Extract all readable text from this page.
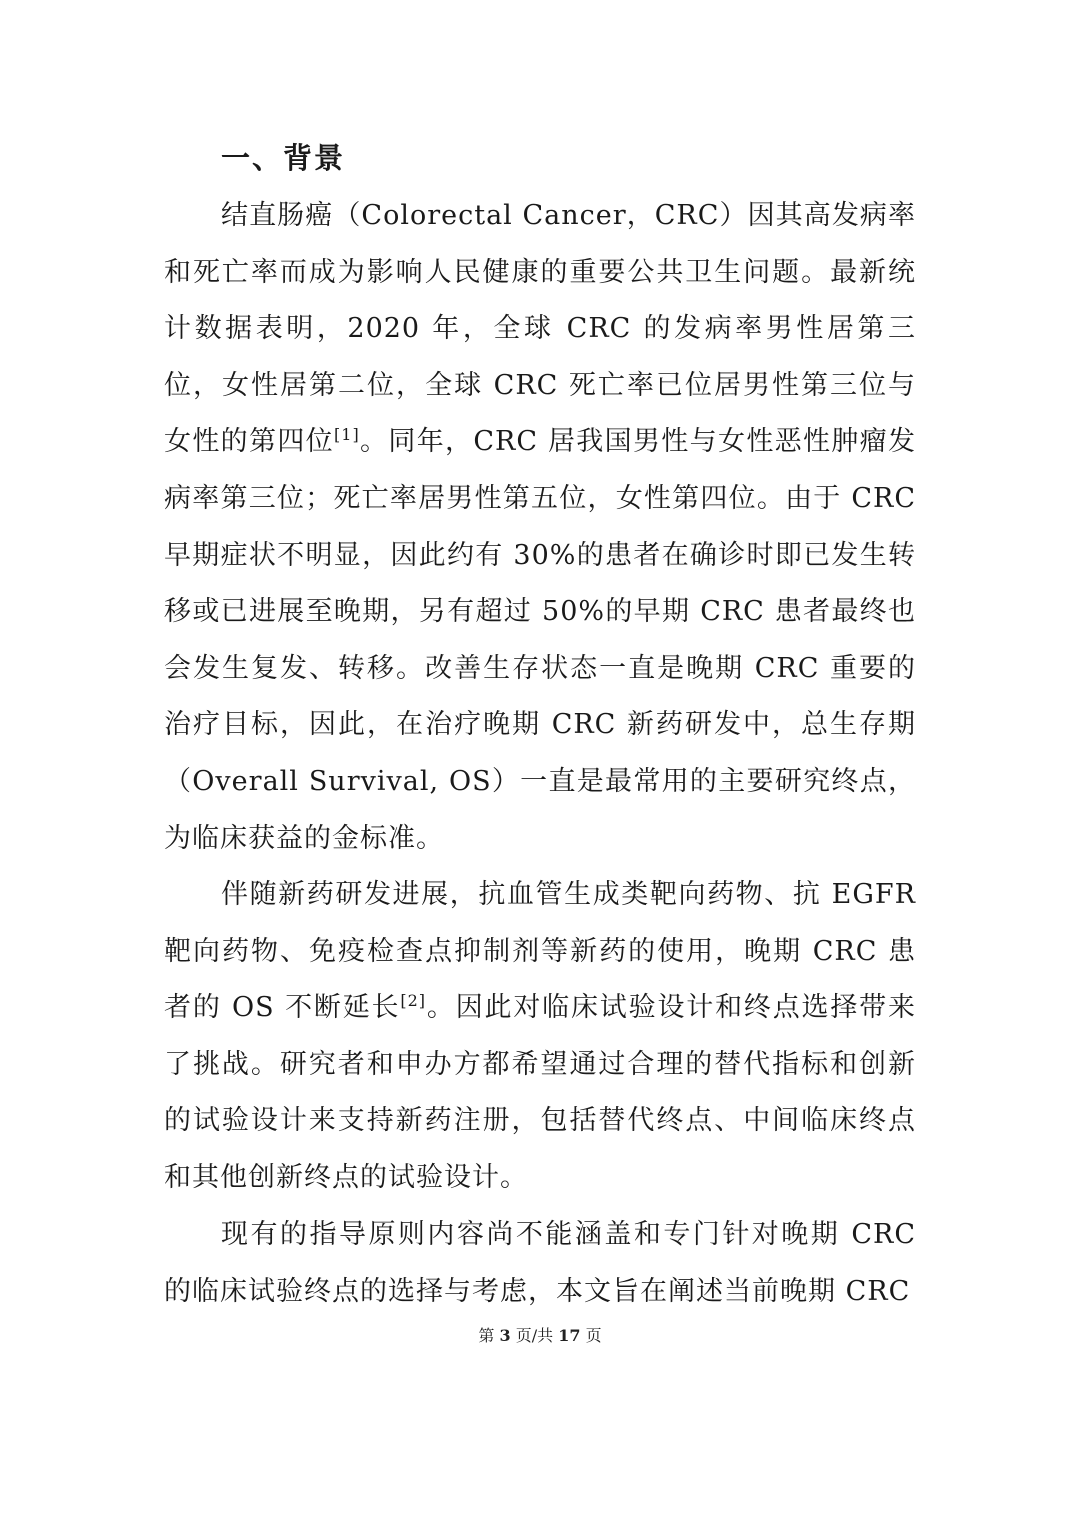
一、背景

结直肠癌（Colorectal Cancer，CRC）因其高发病率和死亡率而成为影响人民健康的重要公共卫生问题。最新统计数据表明，2020 年，全球 CRC 的发病率男性居第三位，女性居第二位，全球 CRC 死亡率已位居男性第三位与女性的第四位[1]。同年，CRC 居我国男性与女性恶性肿瘤发病率第三位；死亡率居男性第五位，女性第四位。由于 CRC 早期症状不明显，因此约有 30%的患者在确诊时即已发生转移或已进展至晚期，另有超过 50%的早期 CRC 患者最终也会发生复发、转移。改善生存状态一直是晚期 CRC 重要的治疗目标，因此，在治疗晚期 CRC 新药研发中，总生存期（Overall Survival, OS）一直是最常用的主要研究终点，为临床获益的金标准。

伴随新药研发进展，抗血管生成类靶向药物、抗 EGFR 靶向药物、免疫检查点抑制剂等新药的使用，晚期 CRC 患者的 OS 不断延长[2]。因此对临床试验设计和终点选择带来了挑战。研究者和申办方都希望通过合理的替代指标和创新的试验设计来支持新药注册，包括替代终点、中间临床终点和其他创新终点的试验设计。

现有的指导原则内容尚不能涵盖和专门针对晚期 CRC 的临床试验终点的选择与考虑，本文旨在阐述当前晚期 CRC

第 3 页/共 17 页
